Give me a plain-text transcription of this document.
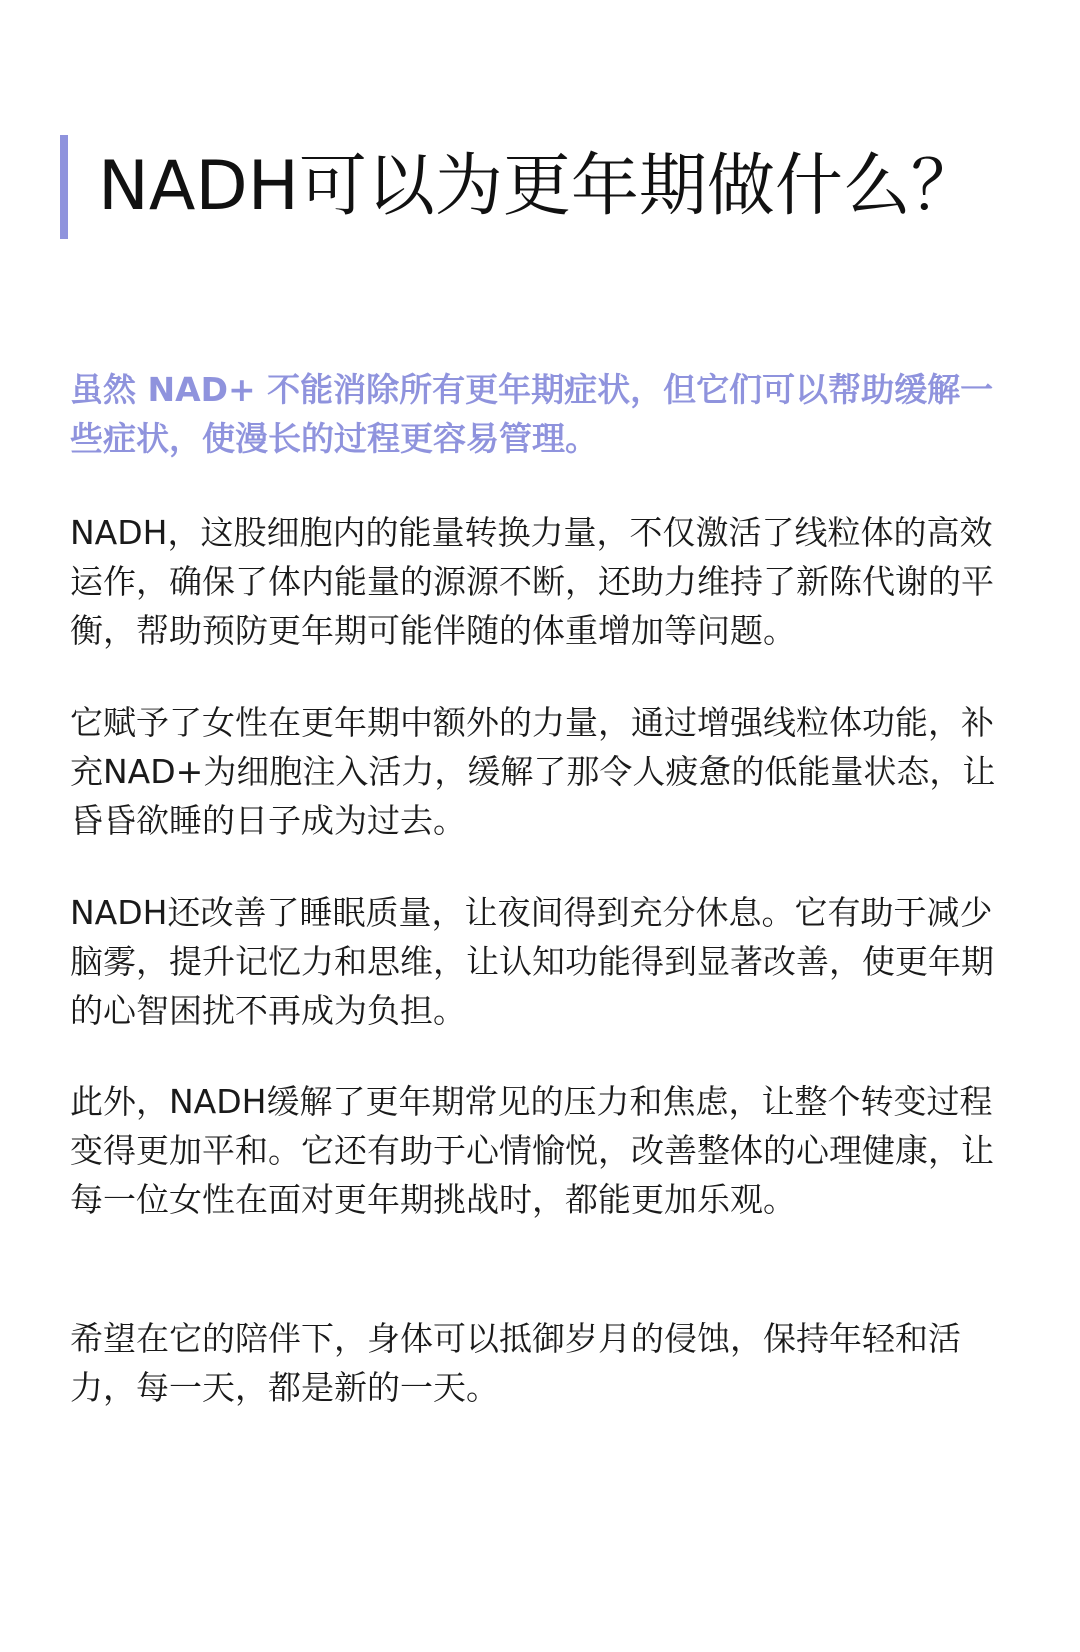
NADH可以为更年期做什么？

虽然 NAD+ 不能消除所有更年期症状，但它们可以帮助缓解一些症状，使漫长的过程更容易管理。

NADH，这股细胞内的能量转换力量，不仅激活了线粒体的高效运作，确保了体内能量的源源不断，还助力维持了新陈代谢的平衡，帮助预防更年期可能伴随的体重增加等问题。

它赋予了女性在更年期中额外的力量，通过增强线粒体功能，补充NAD+为细胞注入活力，缓解了那令人疲惫的低能量状态，让昏昏欲睡的日子成为过去。

NADH还改善了睡眠质量，让夜间得到充分休息。它有助于减少脑雾，提升记忆力和思维，让认知功能得到显著改善，使更年期的心智困扰不再成为负担。

此外，NADH缓解了更年期常见的压力和焦虑，让整个转变过程变得更加平和。它还有助于心情愉悦，改善整体的心理健康，让每一位女性在面对更年期挑战时，都能更加乐观。

希望在它的陪伴下，身体可以抵御岁月的侵蚀，保持年轻和活力，每一天，都是新的一天。
